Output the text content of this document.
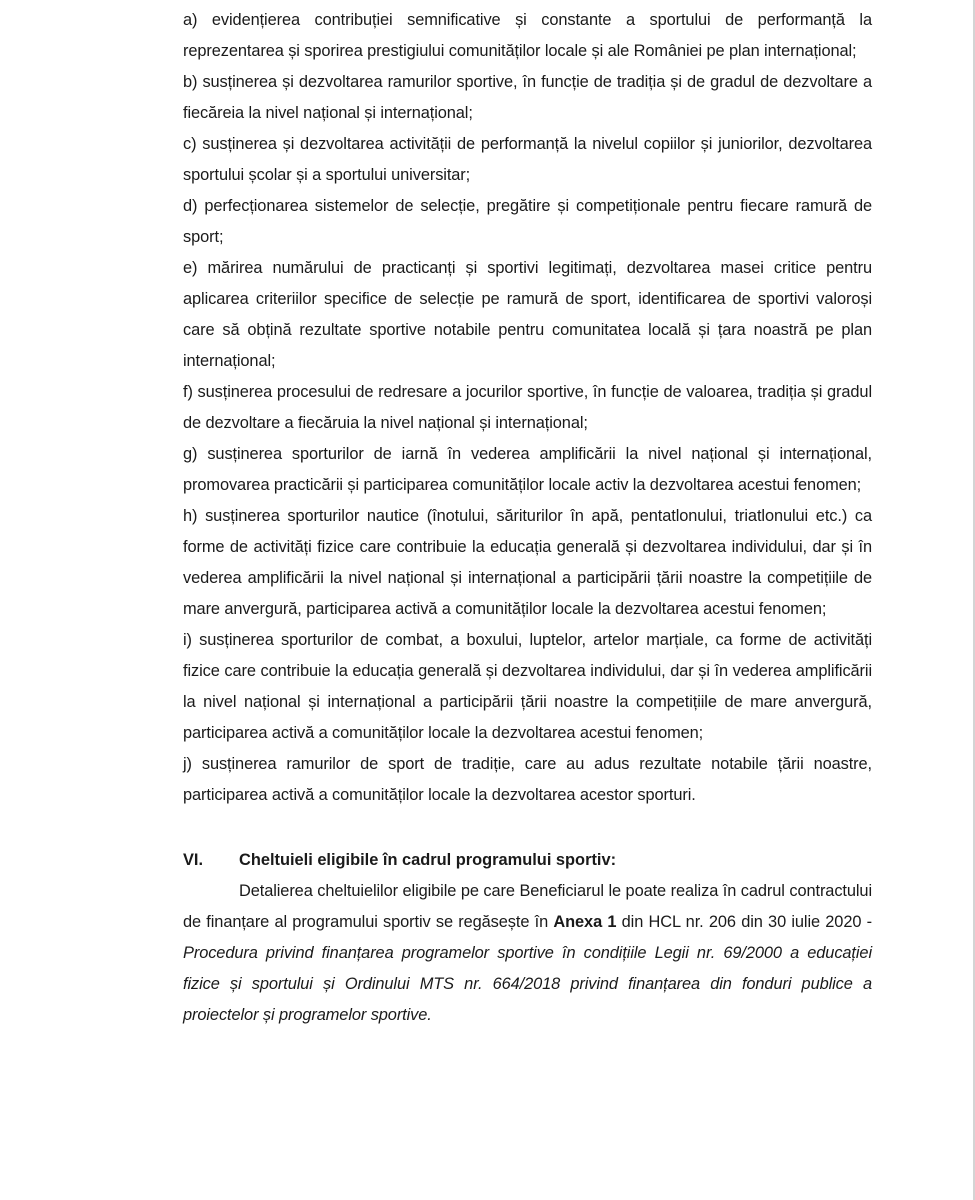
a) evidențierea contribuției semnificative și constante a sportului de performanță la reprezentarea și sporirea prestigiului comunităților locale și ale României pe plan internațional;

b) susținerea și dezvoltarea ramurilor sportive, în funcție de tradiția și de gradul de dezvoltare a fiecăreia la nivel național și internațional;

c) susținerea și dezvoltarea activității de performanță la nivelul copiilor și juniorilor, dezvoltarea sportului școlar și a sportului universitar;

d) perfecționarea sistemelor de selecție, pregătire și competiționale pentru fiecare ramură de sport;

e) mărirea numărului de practicanți și sportivi legitimați, dezvoltarea masei critice pentru aplicarea criteriilor specifice de selecție pe ramură de sport, identificarea de sportivi valoroși care să obțină rezultate sportive notabile pentru comunitatea locală și țara noastră pe plan internațional;

f) susținerea procesului de redresare a jocurilor sportive, în funcție de valoarea, tradiția și gradul de dezvoltare a fiecăruia la nivel național și internațional;

g) susținerea sporturilor de iarnă în vederea amplificării la nivel național și internațional, promovarea practicării și participarea comunităților locale activ la dezvoltarea acestui fenomen;

h) susținerea sporturilor nautice (înotului, săriturilor în apă, pentatlonului, triatlonului etc.) ca forme de activități fizice care contribuie la educația generală și dezvoltarea individului, dar și în vederea amplificării la nivel național și internațional a participării țării noastre la competițiile de mare anvergură, participarea activă a comunităților locale la dezvoltarea acestui fenomen;

i) susținerea sporturilor de combat, a boxului, luptelor, artelor marțiale, ca forme de activități fizice care contribuie la educația generală și dezvoltarea individului, dar și în vederea amplificării la nivel național și internațional a participării țării noastre la competițiile de mare anvergură, participarea activă a comunităților locale la dezvoltarea acestui fenomen;

j) susținerea ramurilor de sport de tradiție, care au adus rezultate notabile țării noastre, participarea activă a comunităților locale la dezvoltarea acestor sporturi.

VI.	Cheltuieli eligibile în cadrul programului sportiv:

Detalierea cheltuielilor eligibile pe care Beneficiarul le poate realiza în cadrul contractului de finanțare al programului sportiv se regăsește în Anexa 1 din HCL nr. 206 din 30 iulie 2020 - Procedura privind finanțarea programelor sportive în condițiile Legii nr. 69/2000 a educației fizice și sportului și Ordinului MTS nr. 664/2018 privind finanțarea din fonduri publice a proiectelor și programelor sportive.
